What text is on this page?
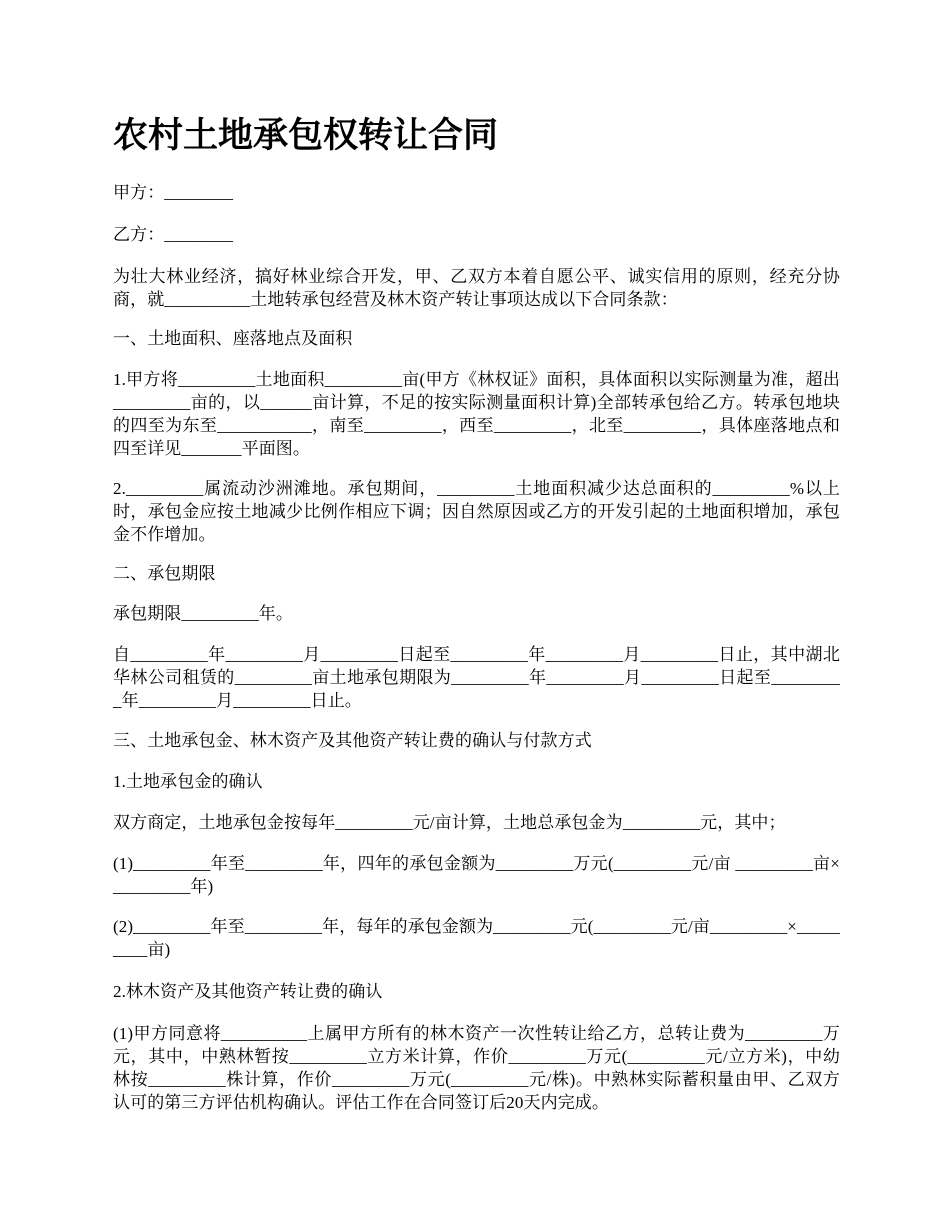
农村土地承包权转让合同

甲方：________

乙方：________

为壮大林业经济，搞好林业综合开发，甲、乙双方本着自愿公平、诚实信用的原则，经充分协商，就__________土地转承包经营及林木资产转让事项达成以下合同条款：

一、土地面积、座落地点及面积

1.甲方将_________土地面积_________亩(甲方《林权证》面积，具体面积以实际测量为准，超出_________亩的，以______亩计算，不足的按实际测量面积计算)全部转承包给乙方。转承包地块的四至为东至___________，南至_________，西至_________，北至_________，具体座落地点和四至详见_______平面图。

2._________属流动沙洲滩地。承包期间，_________土地面积减少达总面积的_________%以上时，承包金应按土地减少比例作相应下调；因自然原因或乙方的开发引起的土地面积增加，承包金不作增加。

二、承包期限

承包期限_________年。

自_________年_________月_________日起至_________年_________月_________日止，其中湖北华林公司租赁的_________亩土地承包期限为_________年_________月_________日起至_________年_________月_________日止。

三、土地承包金、林木资产及其他资产转让费的确认与付款方式

1.土地承包金的确认

双方商定，土地承包金按每年_________元/亩计算，土地总承包金为_________元，其中；

(1)_________年至_________年，四年的承包金额为_________万元(_________元/亩 _________亩×_________年)

(2)_________年至_________年，每年的承包金额为_________元(_________元/亩_________×_________亩)

2.林木资产及其他资产转让费的确认

(1)甲方同意将__________上属甲方所有的林木资产一次性转让给乙方，总转让费为_________万元，其中，中熟林暂按_________立方米计算，作价_________万元(_________元/立方米)，中幼林按_________株计算，作价_________万元(_________元/株)。中熟林实际蓄积量由甲、乙双方认可的第三方评估机构确认。评估工作在合同签订后20天内完成。
